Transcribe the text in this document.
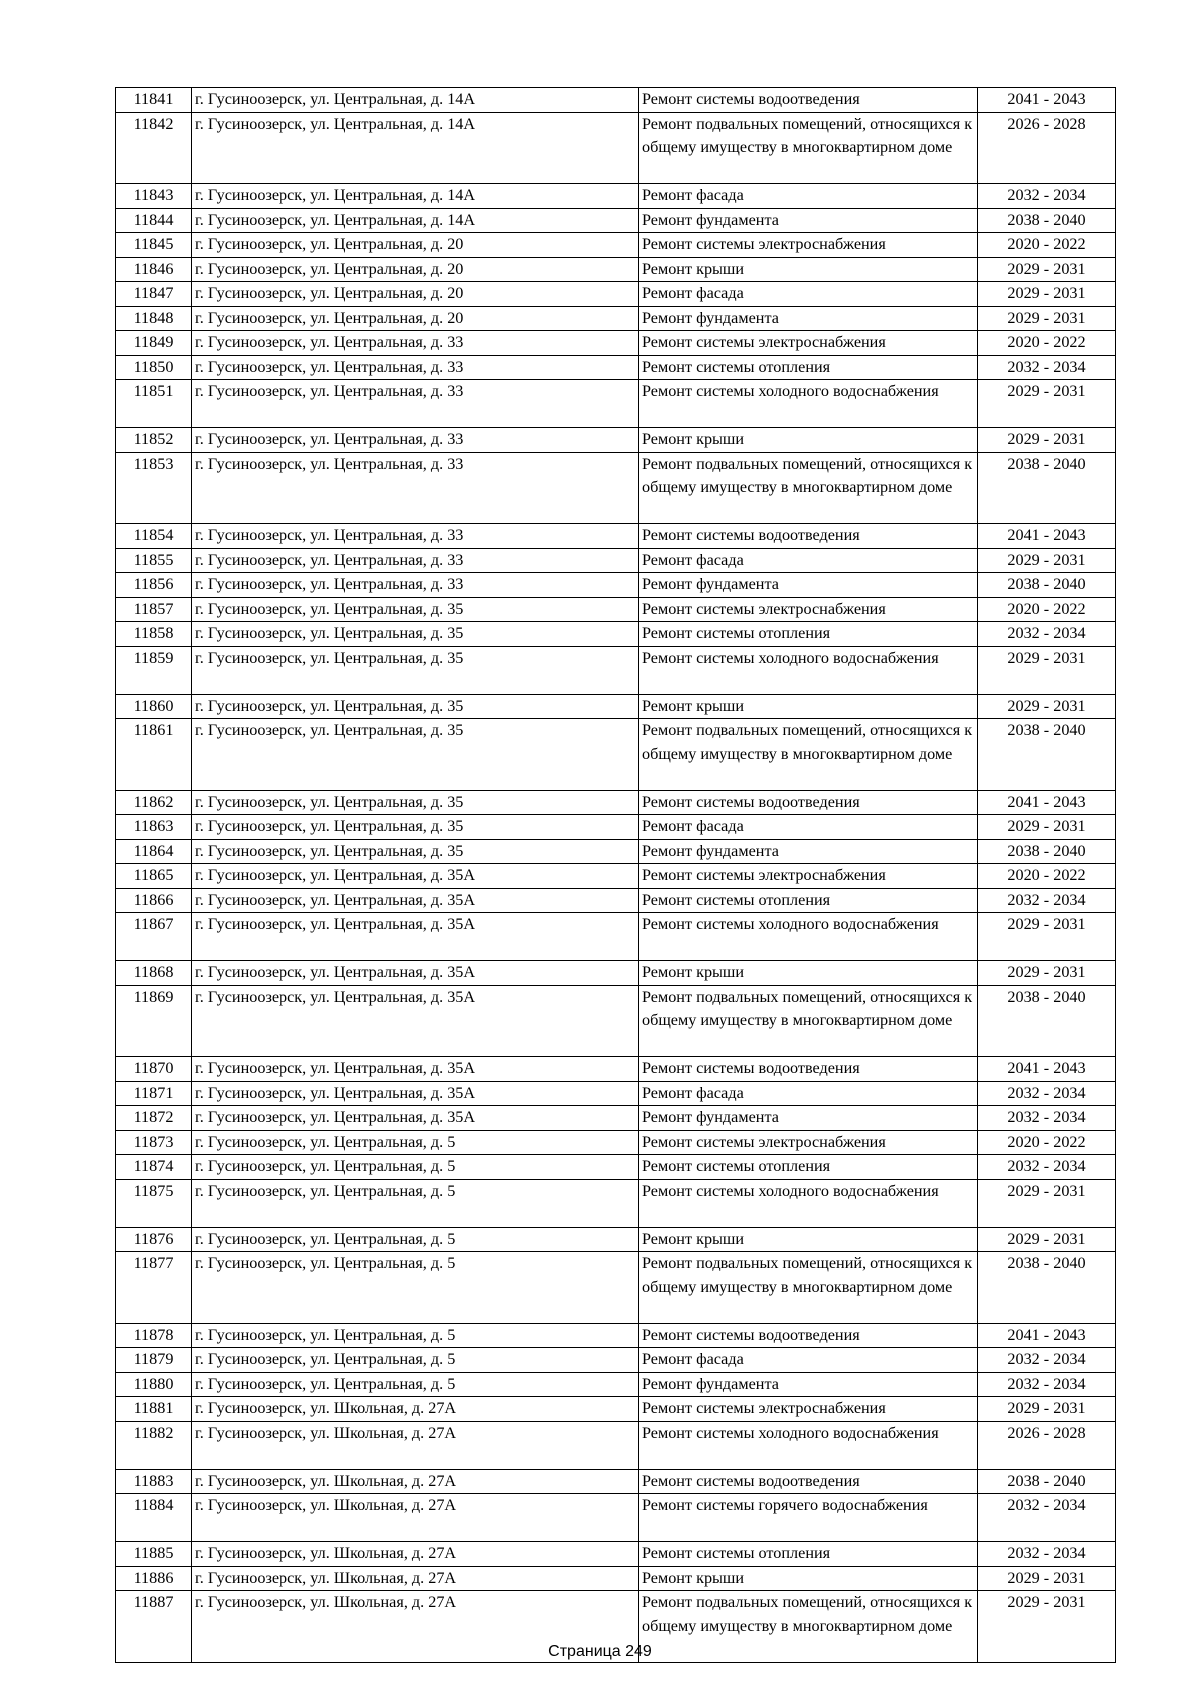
11841	г. Гусиноозерск, ул. Центральная, д. 14А	Ремонт системы водоотведения	2041 - 2043
11842	г. Гусиноозерск, ул. Центральная, д. 14А	Ремонт подвальных помещений, относящихся к общему имуществу в многоквартирном доме	2026 - 2028
11843	г. Гусиноозерск, ул. Центральная, д. 14А	Ремонт фасада	2032 - 2034
11844	г. Гусиноозерск, ул. Центральная, д. 14А	Ремонт фундамента	2038 - 2040
11845	г. Гусиноозерск, ул. Центральная, д. 20	Ремонт системы электроснабжения	2020 - 2022
11846	г. Гусиноозерск, ул. Центральная, д. 20	Ремонт крыши	2029 - 2031
11847	г. Гусиноозерск, ул. Центральная, д. 20	Ремонт фасада	2029 - 2031
11848	г. Гусиноозерск, ул. Центральная, д. 20	Ремонт фундамента	2029 - 2031
11849	г. Гусиноозерск, ул. Центральная, д. 33	Ремонт системы электроснабжения	2020 - 2022
11850	г. Гусиноозерск, ул. Центральная, д. 33	Ремонт системы отопления	2032 - 2034
11851	г. Гусиноозерск, ул. Центральная, д. 33	Ремонт системы холодного водоснабжения	2029 - 2031
11852	г. Гусиноозерск, ул. Центральная, д. 33	Ремонт крыши	2029 - 2031
11853	г. Гусиноозерск, ул. Центральная, д. 33	Ремонт подвальных помещений, относящихся к общему имуществу в многоквартирном доме	2038 - 2040
11854	г. Гусиноозерск, ул. Центральная, д. 33	Ремонт системы водоотведения	2041 - 2043
11855	г. Гусиноозерск, ул. Центральная, д. 33	Ремонт фасада	2029 - 2031
11856	г. Гусиноозерск, ул. Центральная, д. 33	Ремонт фундамента	2038 - 2040
11857	г. Гусиноозерск, ул. Центральная, д. 35	Ремонт системы электроснабжения	2020 - 2022
11858	г. Гусиноозерск, ул. Центральная, д. 35	Ремонт системы отопления	2032 - 2034
11859	г. Гусиноозерск, ул. Центральная, д. 35	Ремонт системы холодного водоснабжения	2029 - 2031
11860	г. Гусиноозерск, ул. Центральная, д. 35	Ремонт крыши	2029 - 2031
11861	г. Гусиноозерск, ул. Центральная, д. 35	Ремонт подвальных помещений, относящихся к общему имуществу в многоквартирном доме	2038 - 2040
11862	г. Гусиноозерск, ул. Центральная, д. 35	Ремонт системы водоотведения	2041 - 2043
11863	г. Гусиноозерск, ул. Центральная, д. 35	Ремонт фасада	2029 - 2031
11864	г. Гусиноозерск, ул. Центральная, д. 35	Ремонт фундамента	2038 - 2040
11865	г. Гусиноозерск, ул. Центральная, д. 35А	Ремонт системы электроснабжения	2020 - 2022
11866	г. Гусиноозерск, ул. Центральная, д. 35А	Ремонт системы отопления	2032 - 2034
11867	г. Гусиноозерск, ул. Центральная, д. 35А	Ремонт системы холодного водоснабжения	2029 - 2031
11868	г. Гусиноозерск, ул. Центральная, д. 35А	Ремонт крыши	2029 - 2031
11869	г. Гусиноозерск, ул. Центральная, д. 35А	Ремонт подвальных помещений, относящихся к общему имуществу в многоквартирном доме	2038 - 2040
11870	г. Гусиноозерск, ул. Центральная, д. 35А	Ремонт системы водоотведения	2041 - 2043
11871	г. Гусиноозерск, ул. Центральная, д. 35А	Ремонт фасада	2032 - 2034
11872	г. Гусиноозерск, ул. Центральная, д. 35А	Ремонт фундамента	2032 - 2034
11873	г. Гусиноозерск, ул. Центральная, д. 5	Ремонт системы электроснабжения	2020 - 2022
11874	г. Гусиноозерск, ул. Центральная, д. 5	Ремонт системы отопления	2032 - 2034
11875	г. Гусиноозерск, ул. Центральная, д. 5	Ремонт системы холодного водоснабжения	2029 - 2031
11876	г. Гусиноозерск, ул. Центральная, д. 5	Ремонт крыши	2029 - 2031
11877	г. Гусиноозерск, ул. Центральная, д. 5	Ремонт подвальных помещений, относящихся к общему имуществу в многоквартирном доме	2038 - 2040
11878	г. Гусиноозерск, ул. Центральная, д. 5	Ремонт системы водоотведения	2041 - 2043
11879	г. Гусиноозерск, ул. Центральная, д. 5	Ремонт фасада	2032 - 2034
11880	г. Гусиноозерск, ул. Центральная, д. 5	Ремонт фундамента	2032 - 2034
11881	г. Гусиноозерск, ул. Школьная, д. 27А	Ремонт системы электроснабжения	2029 - 2031
11882	г. Гусиноозерск, ул. Школьная, д. 27А	Ремонт системы холодного водоснабжения	2026 - 2028
11883	г. Гусиноозерск, ул. Школьная, д. 27А	Ремонт системы водоотведения	2038 - 2040
11884	г. Гусиноозерск, ул. Школьная, д. 27А	Ремонт системы горячего водоснабжения	2032 - 2034
11885	г. Гусиноозерск, ул. Школьная, д. 27А	Ремонт системы отопления	2032 - 2034
11886	г. Гусиноозерск, ул. Школьная, д. 27А	Ремонт крыши	2029 - 2031
11887	г. Гусиноозерск, ул. Школьная, д. 27А	Ремонт подвальных помещений, относящихся к общему имуществу в многоквартирном доме	2029 - 2031
Страница 249
